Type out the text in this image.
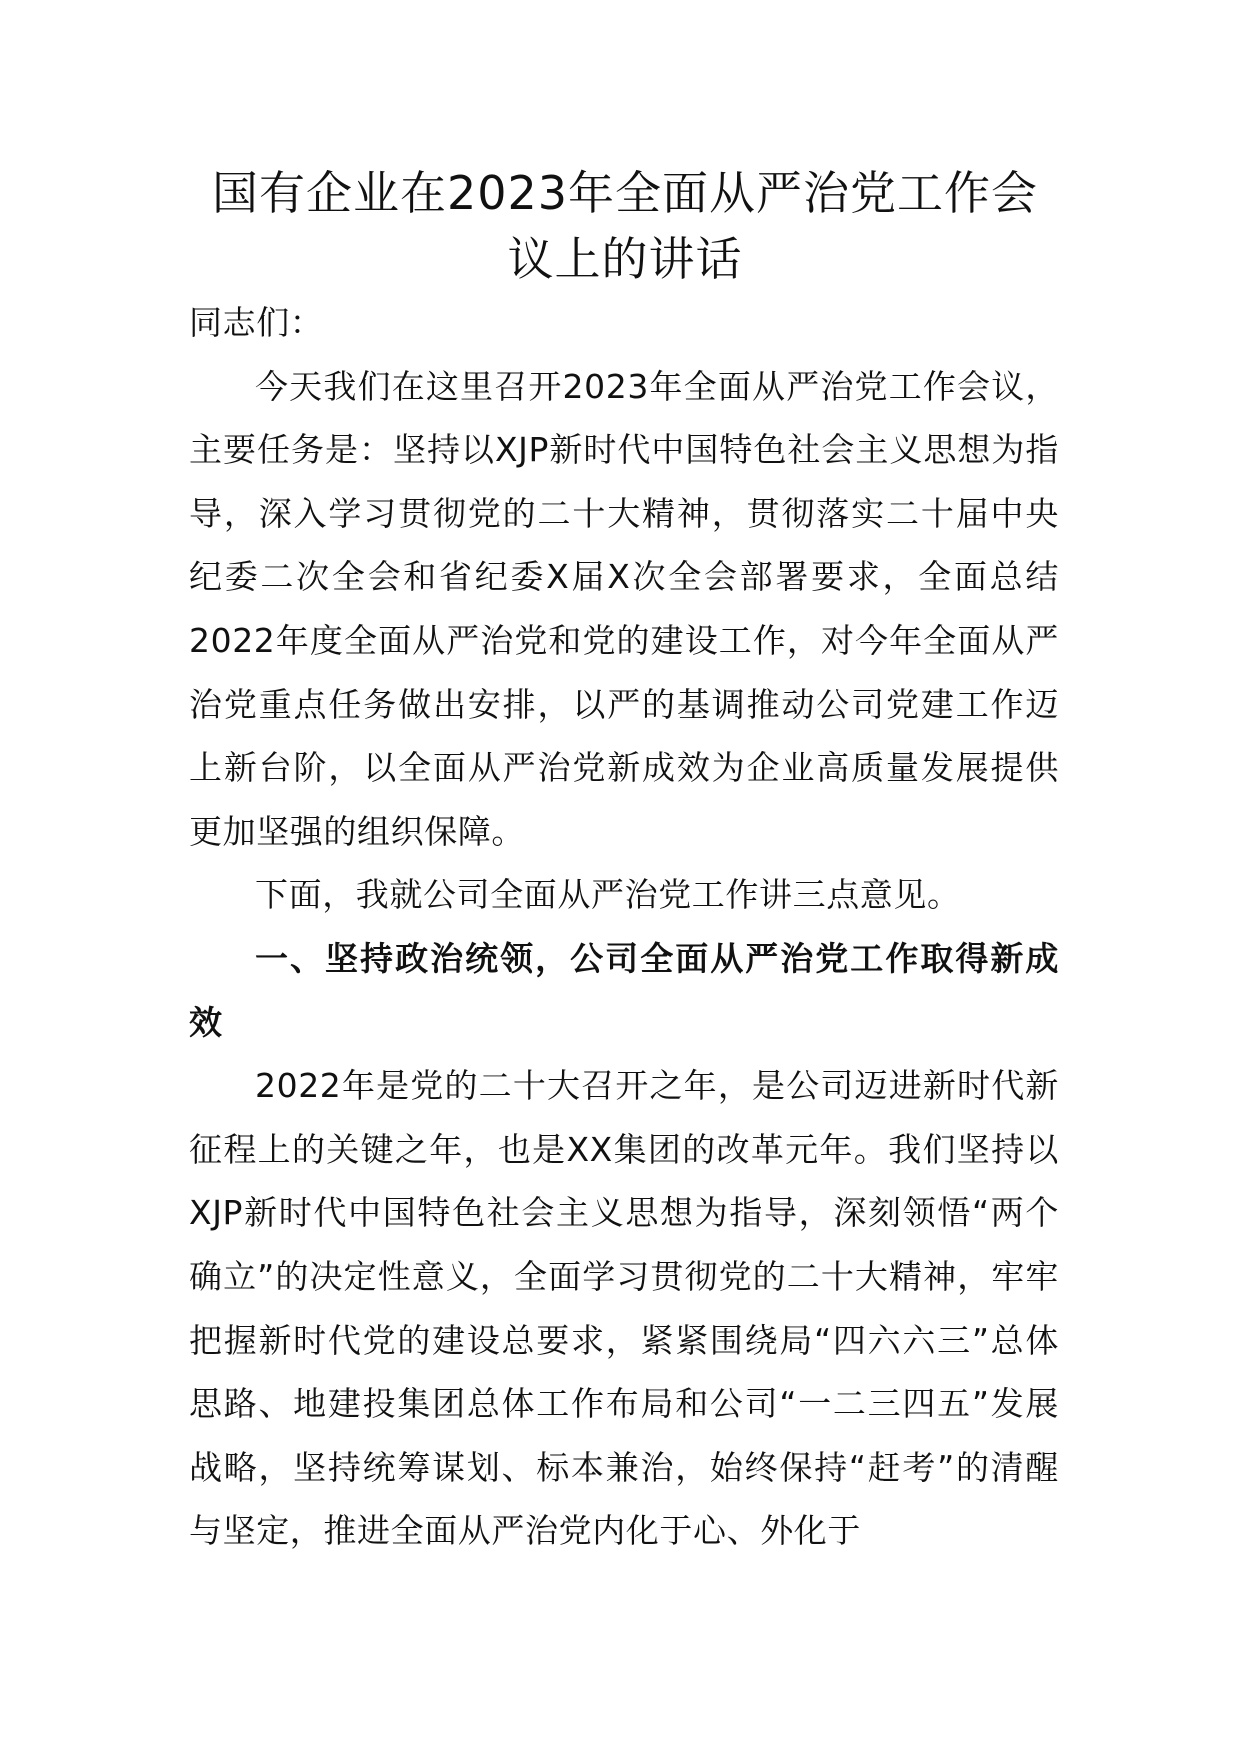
国有企业在2023年全面从严治党工作会议上的讲话

同志们：

今天我们在这里召开2023年全面从严治党工作会议，主要任务是：坚持以XJP新时代中国特色社会主义思想为指导，深入学习贯彻党的二十大精神，贯彻落实二十届中央纪委二次全会和省纪委X届X次全会部署要求，全面总结2022年度全面从严治党和党的建设工作，对今年全面从严治党重点任务做出安排，以严的基调推动公司党建工作迈上新台阶，以全面从严治党新成效为企业高质量发展提供更加坚强的组织保障。

下面，我就公司全面从严治党工作讲三点意见。

一、坚持政治统领，公司全面从严治党工作取得新成效

2022年是党的二十大召开之年，是公司迈进新时代新征程上的关键之年，也是XX集团的改革元年。我们坚持以XJP新时代中国特色社会主义思想为指导，深刻领悟“两个确立”的决定性意义，全面学习贯彻党的二十大精神，牢牢把握新时代党的建设总要求，紧紧围绕局“四六六三”总体思路、地建投集团总体工作布局和公司“一二三四五”发展战略，坚持统筹谋划、标本兼治，始终保持“赶考”的清醒与坚定，推进全面从严治党内化于心、外化于
